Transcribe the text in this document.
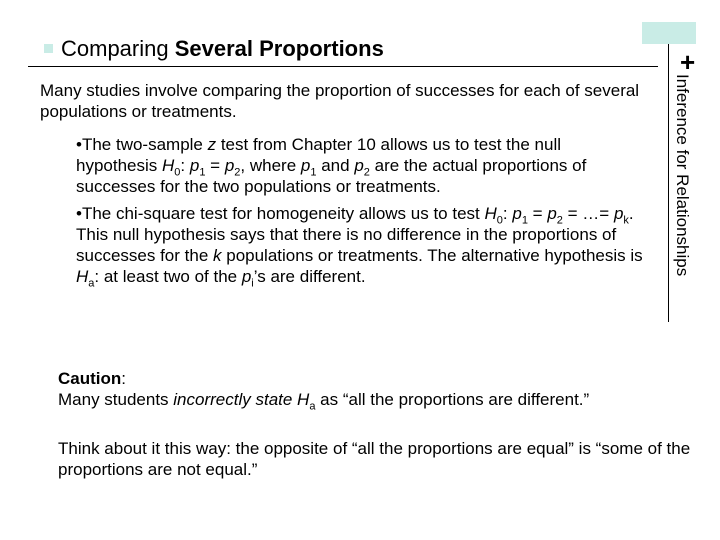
+
Inference for Relationships
Comparing Several Proportions
Many studies involve comparing the proportion of successes for each of several populations or treatments.

•The two-sample z test from Chapter 10 allows us to test the null hypothesis $H_0$: $p_1 = p_2$, where $p_1$ and $p_2$ are the actual proportions of successes for the two populations or treatments.

•The chi-square test for homogeneity allows us to test $H_0$: $p_1 = p_2$ = …= $p_k$. This null hypothesis says that there is no difference in the proportions of successes for the k populations or treatments. The alternative hypothesis is $H_a$: at least two of the $p_i’s$ are different.

Caution:
Many students incorrectly state $H_a$ as “all the proportions are different.”
Think about it this way: the opposite of “all the proportions are equal” is “some of the proportions are not equal.”
